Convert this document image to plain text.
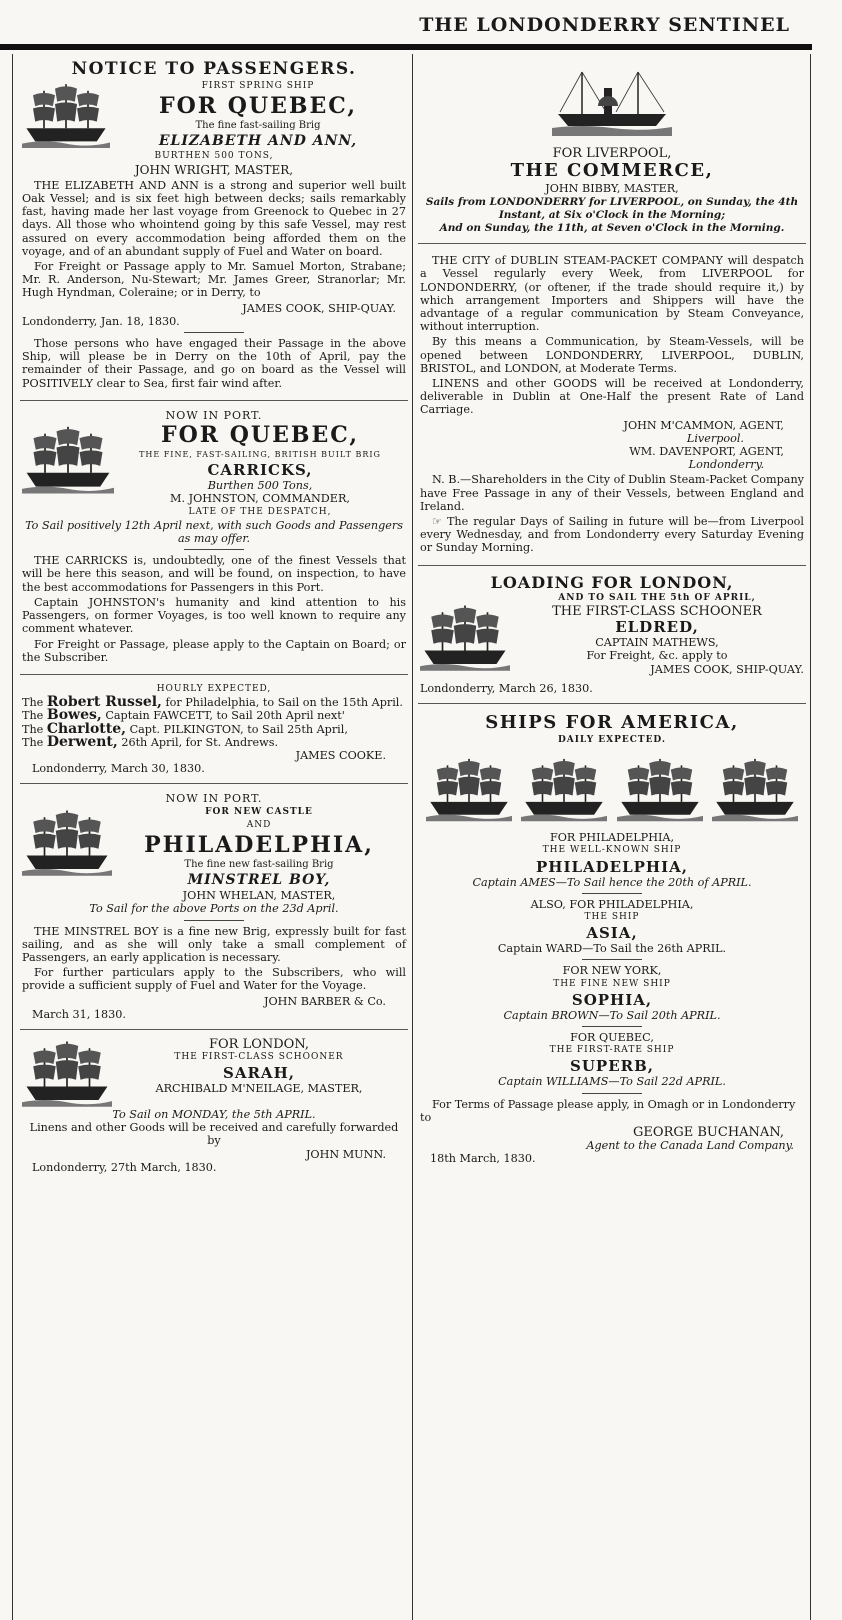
THE LONDONDERRY SENTINEL
NOTICE TO PASSENGERS.
FIRST SPRING SHIP
FOR QUEBEC,
The fine fast-sailing Brig
ELIZABETH AND ANN,
BURTHEN 500 TONS,
JOHN WRIGHT, MASTER,
THE ELIZABETH AND ANN is a strong and superior well built Oak Vessel; and is six feet high between decks; sails remarkably fast, having made her last voyage from Greenock to Quebec in 27 days. All those who whointend going by this safe Vessel, may rest assured on every accommodation being afforded them on the voyage, and of an abundant supply of Fuel and Water on board.
For Freight or Passage apply to Mr. Samuel Morton, Strabane; Mr. R. Anderson, Nu-Stewart; Mr. James Greer, Stranorlar; Mr. Hugh Hyndman, Coleraine; or in Derry, to
JAMES COOK, SHIP-QUAY.
Londonderry, Jan. 18, 1830.
Those persons who have engaged their Passage in the above Ship, will please be in Derry on the 10th of April, pay the remainder of their Passage, and go on board as the Vessel will POSITIVELY clear to Sea, first fair wind after.
NOW IN PORT.
FOR QUEBEC,
THE FINE, FAST-SAILING, BRITISH BUILT BRIG
CARRICKS,
Burthen 500 Tons,
M. JOHNSTON, COMMANDER,
LATE OF THE DESPATCH,
To Sail positively 12th April next, with such Goods and Passengers as may offer.
THE CARRICKS is, undoubtedly, one of the finest Vessels that will be here this season, and will be found, on inspection, to have the best accommodations for Passengers in this Port.
Captain JOHNSTON's humanity and kind attention to his Passengers, on former Voyages, is too well known to require any comment whatever.
For Freight or Passage, please apply to the Captain on Board; or the Subscriber.
HOURLY EXPECTED,
The Robert Russel, for Philadelphia, to Sail on the 15th April.
The Bowes, Captain FAWCETT, to Sail 20th April next'
The Charlotte, Capt. PILKINGTON, to Sail 25th April,
The Derwent, 26th April, for St. Andrews.
JAMES COOKE.
Londonderry, March 30, 1830.
NOW IN PORT.
FOR NEW CASTLE
AND
PHILADELPHIA,
The fine new fast-sailing Brig
MINSTREL BOY,
JOHN WHELAN, MASTER,
To Sail for the above Ports on the 23d April.
THE MINSTREL BOY is a fine new Brig, expressly built for fast sailing, and as she will only take a small complement of Passengers, an early application is necessary.
For further particulars apply to the Subscribers, who will provide a sufficient supply of Fuel and Water for the Voyage.
JOHN BARBER & Co.
March 31, 1830.
FOR LONDON,
THE FIRST-CLASS SCHOONER
SARAH,
ARCHIBALD M'NEILAGE, MASTER,
To Sail on MONDAY, the 5th APRIL.
Linens and other Goods will be received and carefully forwarded by
JOHN MUNN.
Londonderry, 27th March, 1830.
FOR LIVERPOOL,
THE COMMERCE,
JOHN BIBBY, MASTER,
Sails from LONDONDERRY for LIVERPOOL, on Sunday, the 4th Instant, at Six o'Clock in the Morning;
And on Sunday, the 11th, at Seven o'Clock in the Morning.
THE CITY of DUBLIN STEAM-PACKET COMPANY will despatch a Vessel regularly every Week, from LIVERPOOL for LONDONDERRY, (or oftener, if the trade should require it,) by which arrangement Importers and Shippers will have the advantage of a regular communication by Steam Conveyance, without interruption.
By this means a Communication, by Steam-Vessels, will be opened between LONDONDERRY, LIVERPOOL, DUBLIN, BRISTOL, and LONDON, at Moderate Terms.
LINENS and other GOODS will be received at Londonderry, deliverable in Dublin at One-Half the present Rate of Land Carriage.
JOHN M'CAMMON, AGENT,
Liverpool.
WM. DAVENPORT, AGENT,
Londonderry.
N. B.—Shareholders in the City of Dublin Steam-Packet Company have Free Passage in any of their Vessels, between England and Ireland.
☞ The regular Days of Sailing in future will be—from Liverpool every Wednesday, and from Londonderry every Saturday Evening or Sunday Morning.
LOADING FOR LONDON,
AND TO SAIL THE 5th OF APRIL,
THE FIRST-CLASS SCHOONER
ELDRED,
CAPTAIN MATHEWS,
For Freight, &c. apply to
JAMES COOK, SHIP-QUAY.
Londonderry, March 26, 1830.
SHIPS FOR AMERICA,
DAILY EXPECTED.
FOR PHILADELPHIA,
THE WELL-KNOWN SHIP
PHILADELPHIA,
Captain AMES—To Sail hence the 20th of APRIL.
ALSO, FOR PHILADELPHIA,
THE SHIP
ASIA,
Captain WARD—To Sail the 26th APRIL.
FOR NEW YORK,
THE FINE NEW SHIP
SOPHIA,
Captain BROWN—To Sail 20th APRIL.
FOR QUEBEC,
THE FIRST-RATE SHIP
SUPERB,
Captain WILLIAMS—To Sail 22d APRIL.
For Terms of Passage please apply, in Omagh or in Londonderry to
GEORGE BUCHANAN,
Agent to the Canada Land Company.
18th March, 1830.
